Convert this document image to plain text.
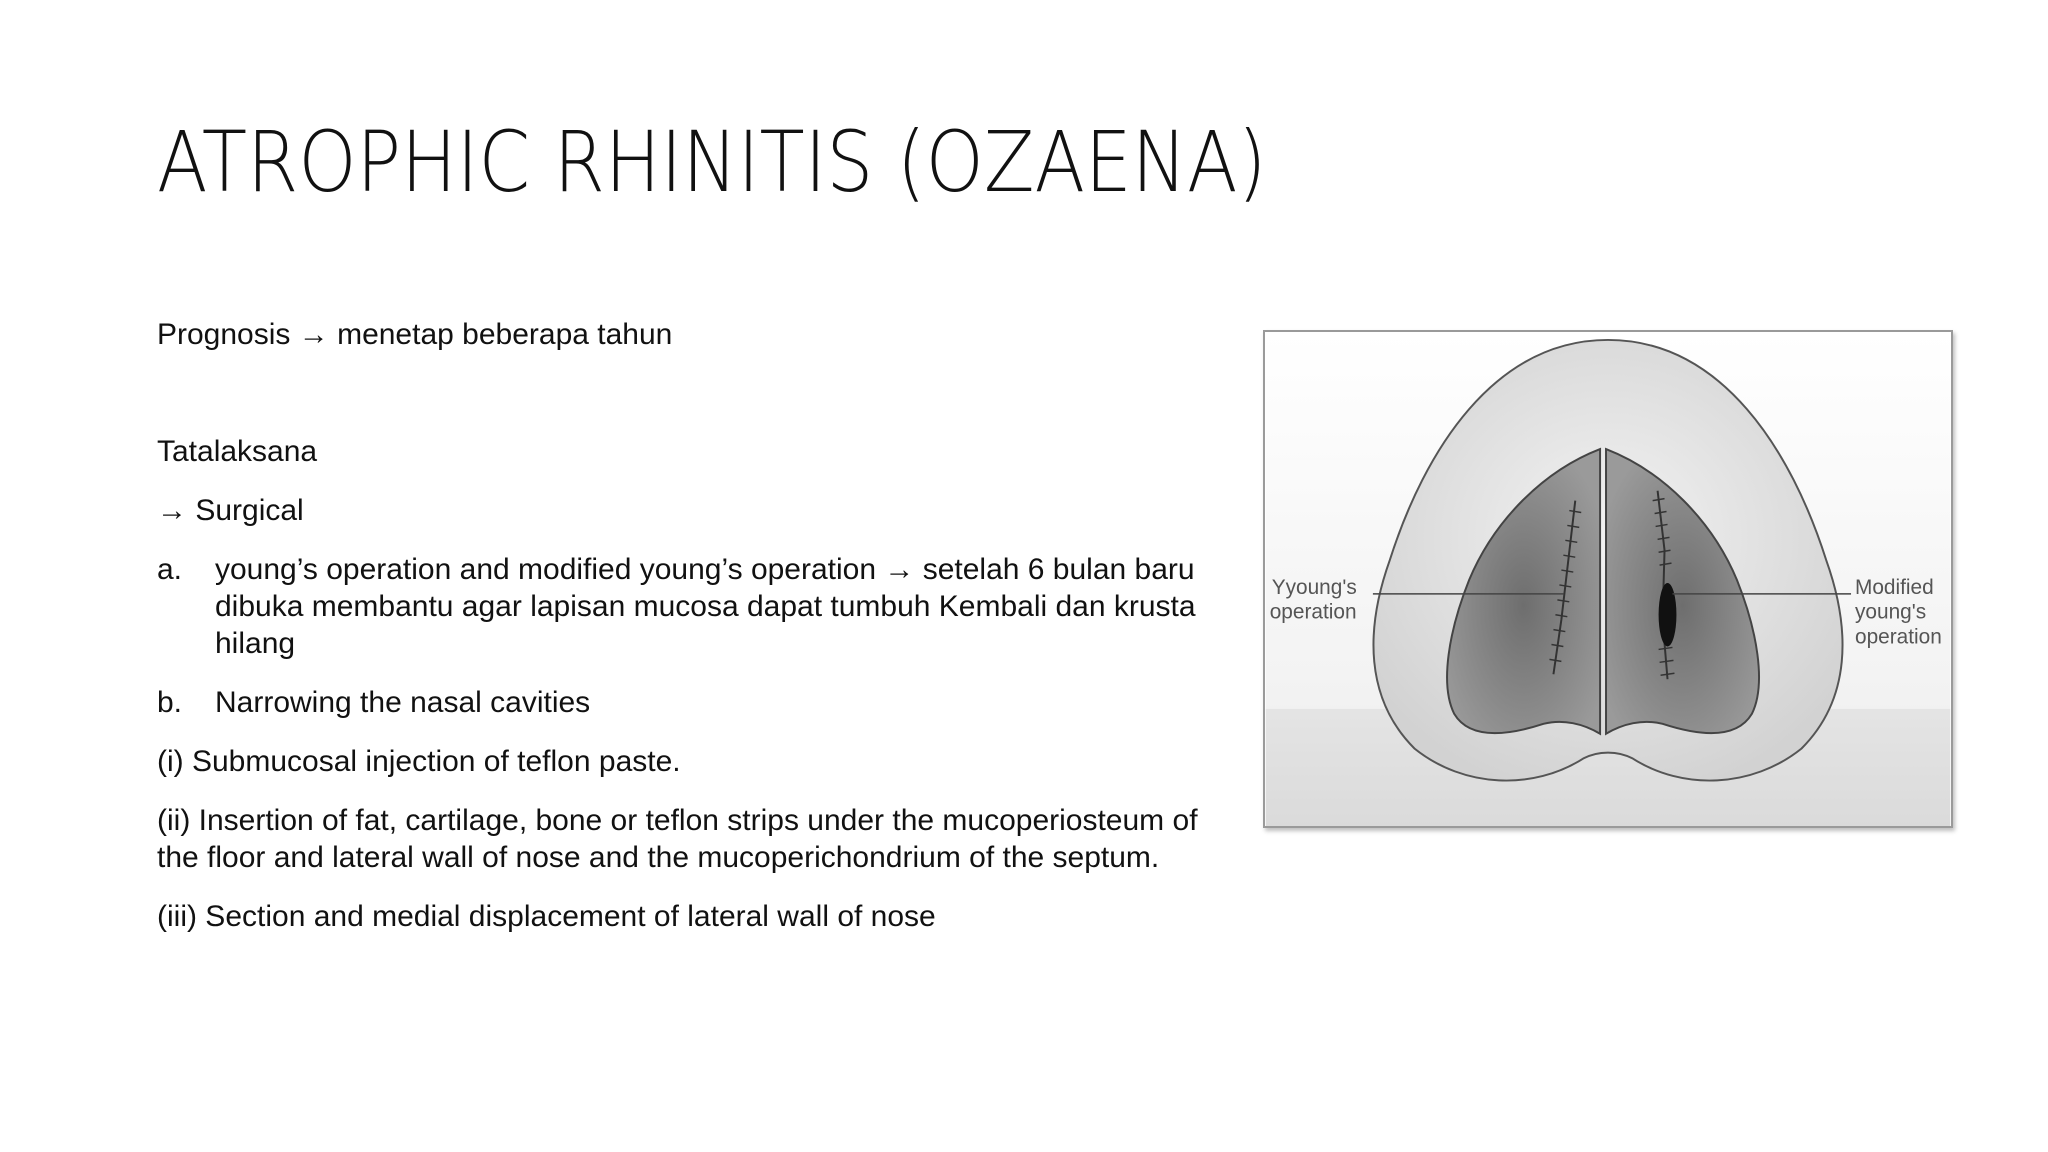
ATROPHIC RHINITIS (OZAENA)

Prognosis → menetap beberapa tahun

Tatalaksana

→ Surgical

a. young’s operation and modified young’s operation → setelah 6 bulan baru dibuka membantu agar lapisan mucosa dapat tumbuh Kembali dan krusta hilang
b. Narrowing the nasal cavities

(i) Submucosal injection of teflon paste.

(ii) Insertion of fat, cartilage, bone or teflon strips under the mucoperiosteum of the floor and lateral wall of nose and the mucoperichondrium of the septum.

(iii) Section and medial displacement of lateral wall of nose

Yyoung's
operation
Modified
young's
operation
